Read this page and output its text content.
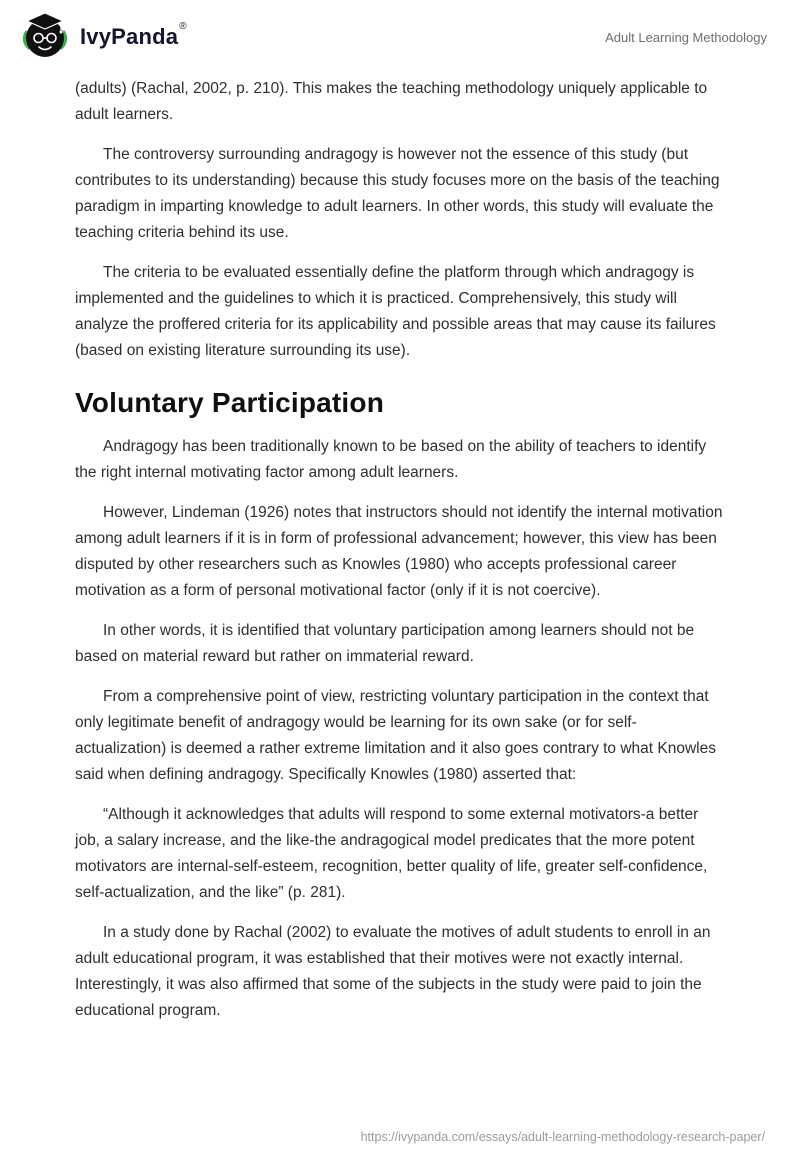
IvyPanda®
Adult Learning Methodology

(adults) (Rachal, 2002, p. 210). This makes the teaching methodology uniquely applicable to adult learners.

The controversy surrounding andragogy is however not the essence of this study (but contributes to its understanding) because this study focuses more on the basis of the teaching paradigm in imparting knowledge to adult learners. In other words, this study will evaluate the teaching criteria behind its use.

The criteria to be evaluated essentially define the platform through which andragogy is implemented and the guidelines to which it is practiced. Comprehensively, this study will analyze the proffered criteria for its applicability and possible areas that may cause its failures (based on existing literature surrounding its use).

Voluntary Participation

Andragogy has been traditionally known to be based on the ability of teachers to identify the right internal motivating factor among adult learners.

However, Lindeman (1926) notes that instructors should not identify the internal motivation among adult learners if it is in form of professional advancement; however, this view has been disputed by other researchers such as Knowles (1980) who accepts professional career motivation as a form of personal motivational factor (only if it is not coercive).

In other words, it is identified that voluntary participation among learners should not be based on material reward but rather on immaterial reward.

From a comprehensive point of view, restricting voluntary participation in the context that only legitimate benefit of andragogy would be learning for its own sake (or for self-actualization) is deemed a rather extreme limitation and it also goes contrary to what Knowles said when defining andragogy. Specifically Knowles (1980) asserted that:

“Although it acknowledges that adults will respond to some external motivators-a better job, a salary increase, and the like-the andragogical model predicates that the more potent motivators are internal-self-esteem, recognition, better quality of life, greater self-confidence, self-actualization, and the like” (p. 281).

In a study done by Rachal (2002) to evaluate the motives of adult students to enroll in an adult educational program, it was established that their motives were not exactly internal. Interestingly, it was also affirmed that some of the subjects in the study were paid to join the educational program.

https://ivypanda.com/essays/adult-learning-methodology-research-paper/
